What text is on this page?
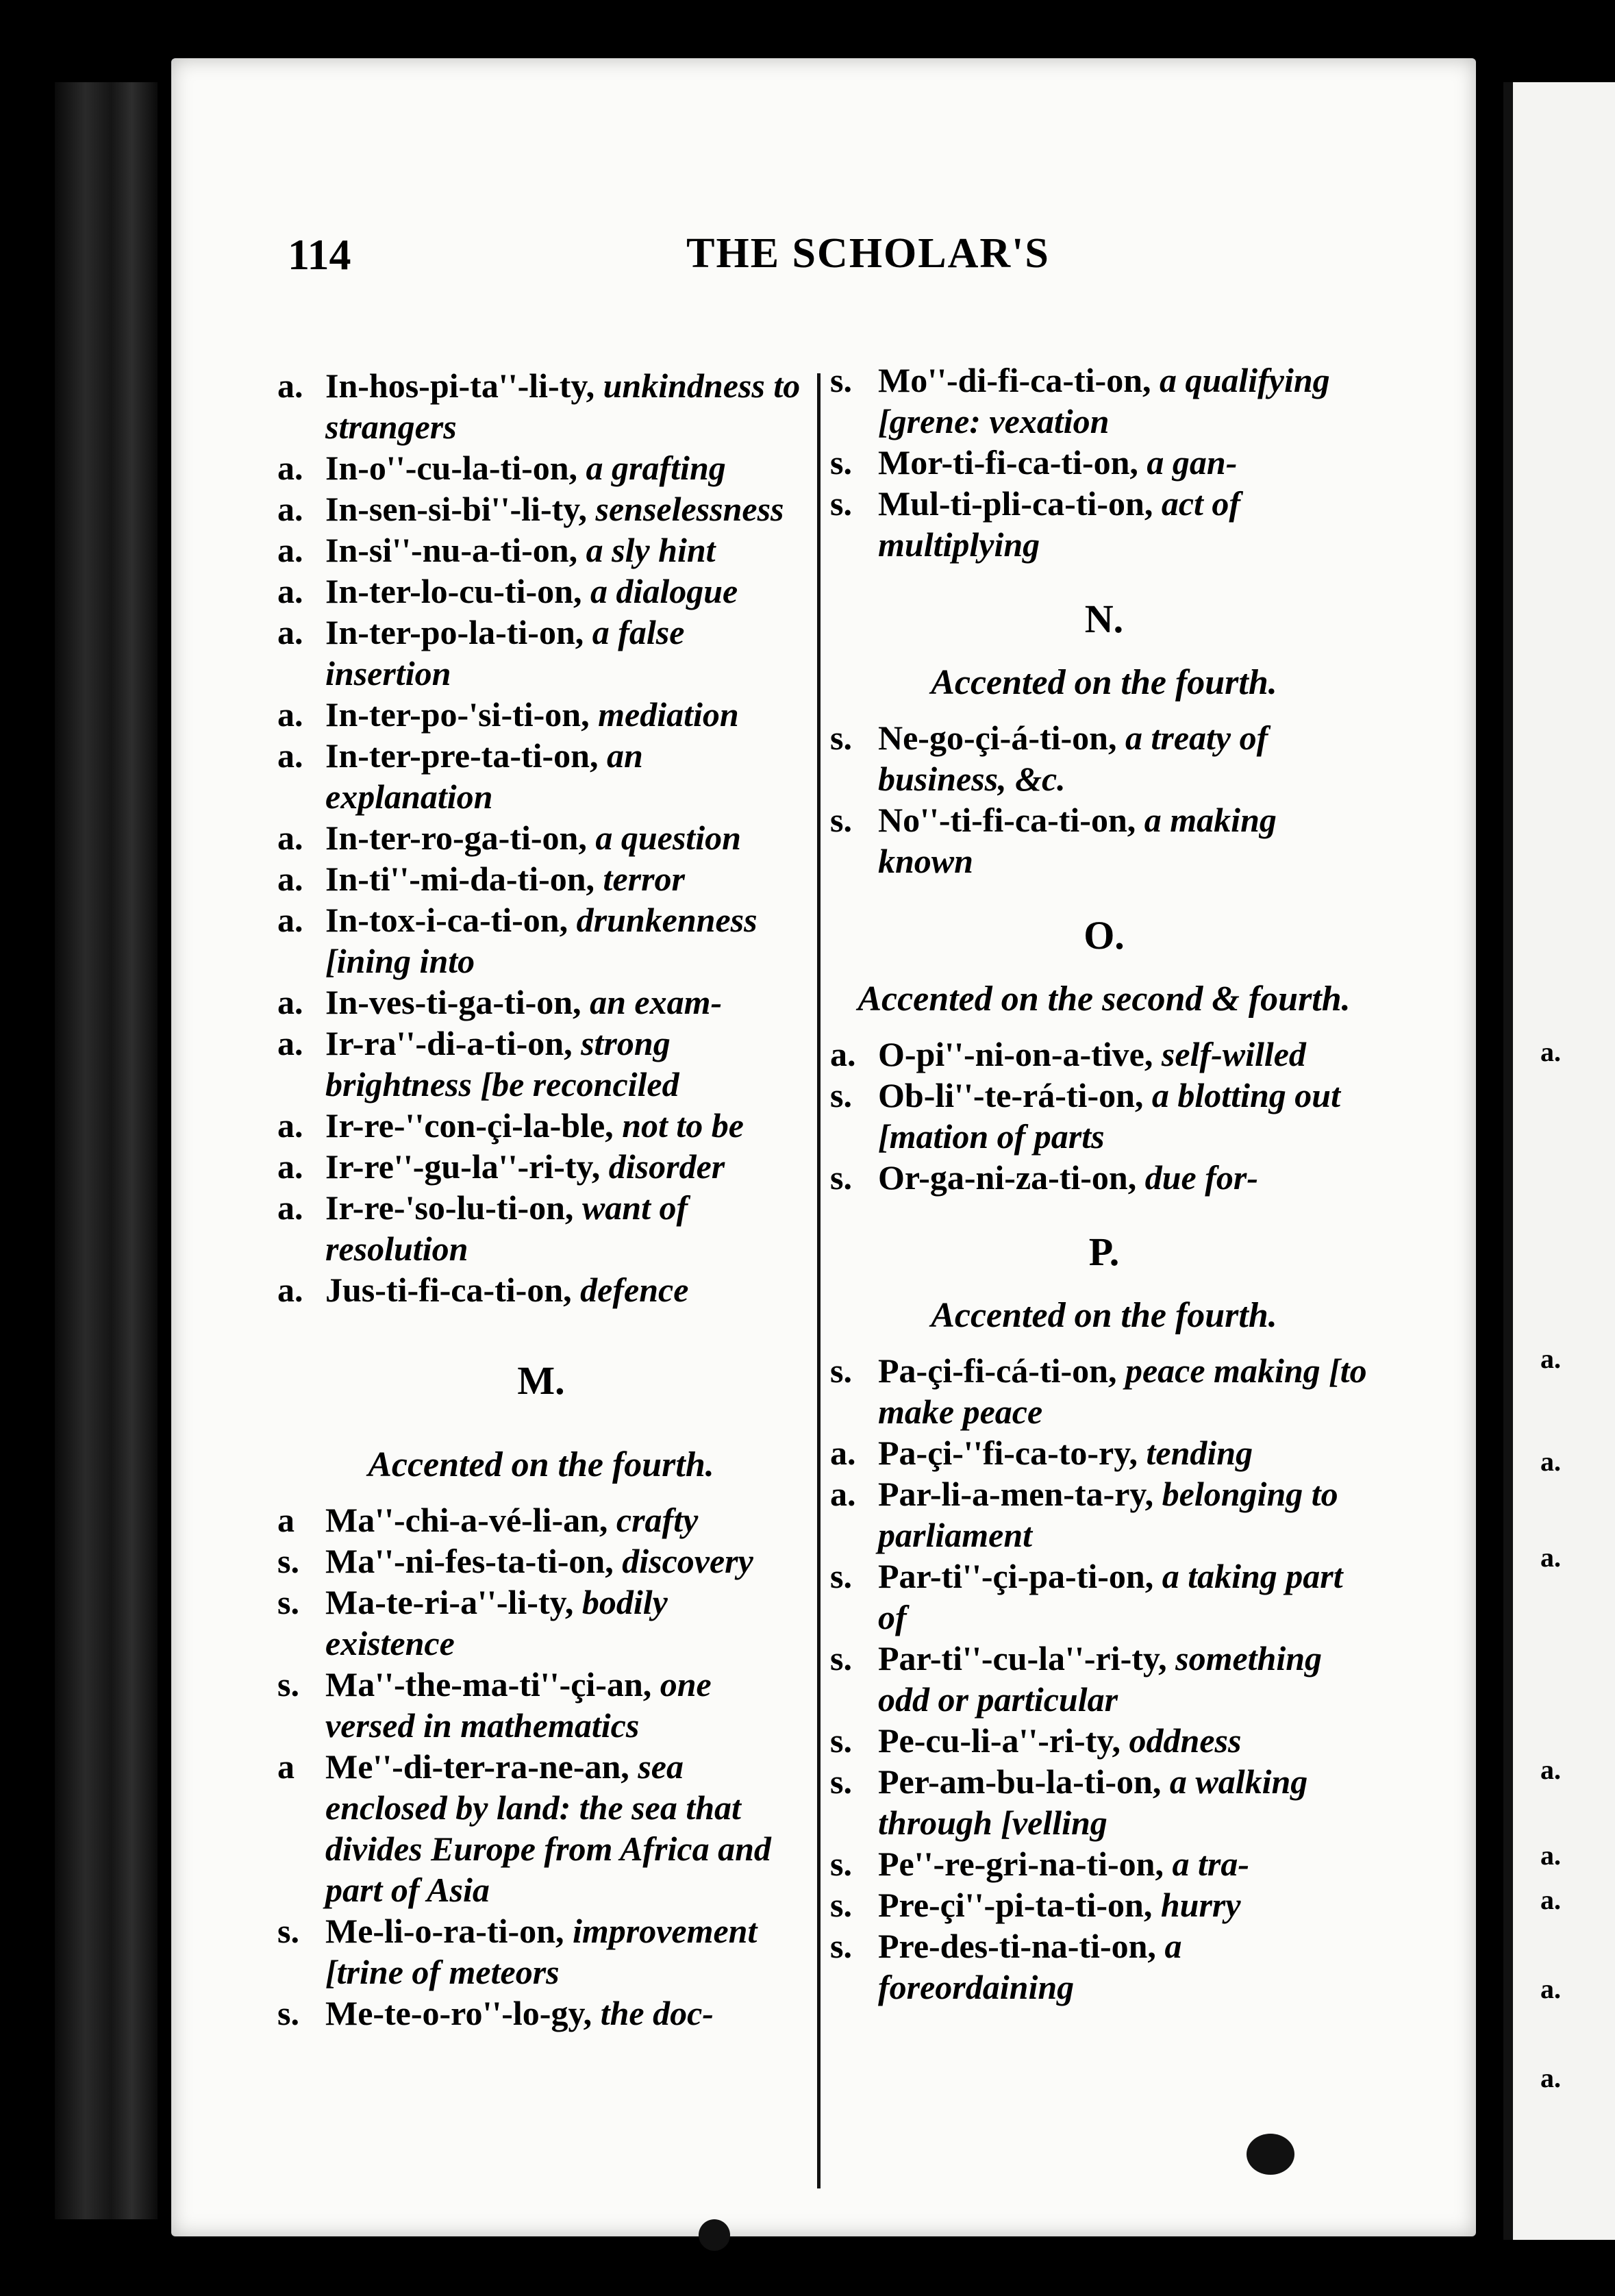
a.
a.
a.
a.
a.
a.
a.
a.
a.
114	THE SCHOLAR'S
a. In-hos-pi-ta''-li-ty, unkindness to strangers
a. In-o''-cu-la-ti-on, a grafting
a. In-sen-si-bi''-li-ty, senselessness
a. In-si''-nu-a-ti-on, a sly hint
a. In-ter-lo-cu-ti-on, a dialogue
a. In-ter-po-la-ti-on, a false insertion
a. In-ter-po-'si-ti-on, mediation
a. In-ter-pre-ta-ti-on, an explanation
a. In-ter-ro-ga-ti-on, a question
a. In-ti''-mi-da-ti-on, terror
a. In-tox-i-ca-ti-on, drunkenness [ining into
a. In-ves-ti-ga-ti-on, an exam-
a. Ir-ra''-di-a-ti-on, strong brightness [be reconciled
a. Ir-re-''con-çi-la-ble, not to be
a. Ir-re''-gu-la''-ri-ty, disorder
a. Ir-re-'so-lu-ti-on, want of resolution
a. Jus-ti-fi-ca-ti-on, defence
M.
Accented on the fourth.
a Ma''-chi-a-vé-li-an, crafty
s. Ma''-ni-fes-ta-ti-on, discovery
s. Ma-te-ri-a''-li-ty, bodily existence
s. Ma''-the-ma-ti''-çi-an, one versed in mathematics
a Me''-di-ter-ra-ne-an, sea enclosed by land: the sea that divides Europe from Africa and part of Asia
s. Me-li-o-ra-ti-on, improvement [trine of meteors
s. Me-te-o-ro''-lo-gy, the doc-
s. Mo''-di-fi-ca-ti-on, a qualifying [grene: vexation
s. Mor-ti-fi-ca-ti-on, a gan-
s. Mul-ti-pli-ca-ti-on, act of multiplying
N.
Accented on the fourth.
s. Ne-go-çi-á-ti-on, a treaty of business, &c.
s. No''-ti-fi-ca-ti-on, a making known
O.
Accented on the second & fourth.
a. O-pi''-ni-on-a-tive, self-willed
s. Ob-li''-te-rá-ti-on, a blotting out [mation of parts
s. Or-ga-ni-za-ti-on, due for-
P.
Accented on the fourth.
s. Pa-çi-fi-cá-ti-on, peace making [to make peace
a. Pa-çi-''fi-ca-to-ry, tending
a. Par-li-a-men-ta-ry, belonging to parliament
s. Par-ti''-çi-pa-ti-on, a taking part of
s. Par-ti''-cu-la''-ri-ty, something odd or particular
s. Pe-cu-li-a''-ri-ty, oddness
s. Per-am-bu-la-ti-on, a walking through [velling
s. Pe''-re-gri-na-ti-on, a tra-
s. Pre-çi''-pi-ta-ti-on, hurry
s. Pre-des-ti-na-ti-on, a foreordaining
